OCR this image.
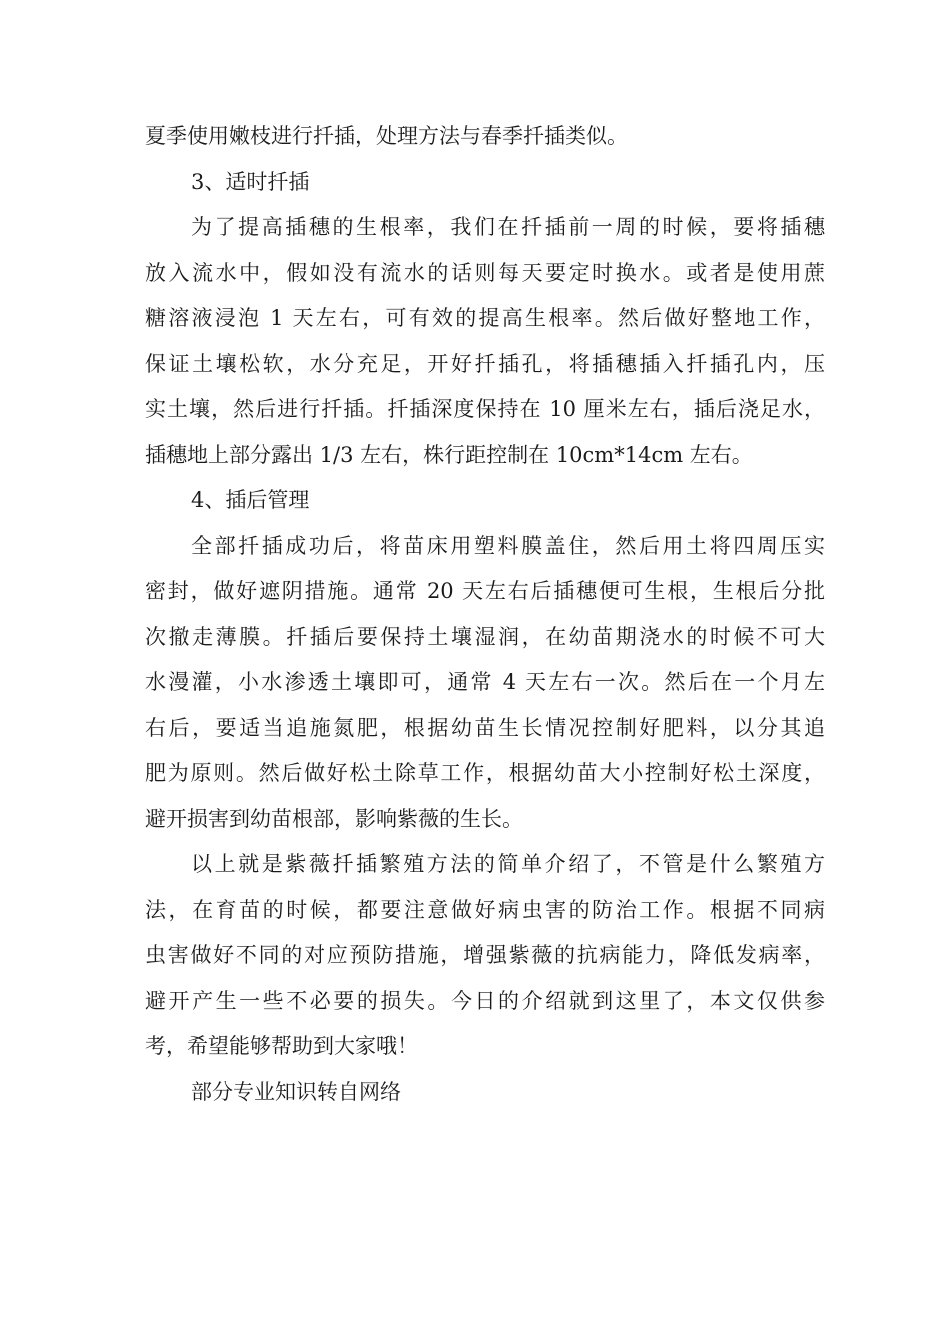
夏季使用嫩枝进行扦插，处理方法与春季扦插类似。
3、适时扦插
为了提高插穗的生根率，我们在扦插前一周的时候，要将插穗
放入流水中，假如没有流水的话则每天要定时换水。或者是使用蔗
糖溶液浸泡 1 天左右，可有效的提高生根率。然后做好整地工作，
保证土壤松软，水分充足，开好扦插孔，将插穗插入扦插孔内，压
实土壤，然后进行扦插。扦插深度保持在 10 厘米左右，插后浇足水，
插穗地上部分露出 1/3 左右，株行距控制在 10cm*14cm 左右。
4、插后管理
全部扦插成功后，将苗床用塑料膜盖住，然后用土将四周压实
密封，做好遮阴措施。通常 20 天左右后插穗便可生根，生根后分批
次撤走薄膜。扦插后要保持土壤湿润，在幼苗期浇水的时候不可大
水漫灌，小水渗透土壤即可，通常 4 天左右一次。然后在一个月左
右后，要适当追施氮肥，根据幼苗生长情况控制好肥料，以分其追
肥为原则。然后做好松土除草工作，根据幼苗大小控制好松土深度，
避开损害到幼苗根部，影响紫薇的生长。
以上就是紫薇扦插繁殖方法的简单介绍了，不管是什么繁殖方
法，在育苗的时候，都要注意做好病虫害的防治工作。根据不同病
虫害做好不同的对应预防措施，增强紫薇的抗病能力，降低发病率，
避开产生一些不必要的损失。今日的介绍就到这里了，本文仅供参
考，希望能够帮助到大家哦！
部分专业知识转自网络
